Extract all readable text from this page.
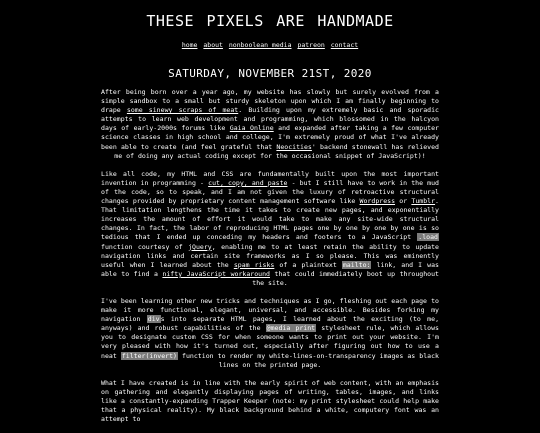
THESE PIXELS ARE HANDMADE
home about nonboolean media patreon contact
SATURDAY, NOVEMBER 21ST, 2020

After being born over a year ago, my website has slowly but surely evolved from a simple sandbox to a small but sturdy skeleton upon which I am finally beginning to drape some sinewy scraps of meat. Building upon my extremely basic and sporadic attempts to learn web development and programming, which blossomed in the halcyon days of early-2000s forums like Gaia Online and expanded after taking a few computer science classes in high school and college, I'm extremely proud of what I've already been able to create (and feel grateful that Neocities' backend stonewall has relieved me of doing any actual coding except for the occasional snippet of JavaScript)!

Like all code, my HTML and CSS are fundamentally built upon the most important invention in programming - cut, copy, and paste - but I still have to work in the mud of the code, so to speak, and I am not given the luxury of retroactive structural changes provided by proprietary content management software like Wordpress or Tumblr. That limitation lengthens the time it takes to create new pages, and exponentially increases the amount of effort it would take to make any site-wide structural changes. In fact, the labor of reproducing HTML pages one by one by one by one is so tedious that I ended up conceding my headers and footers to a JavaScript .load function courtesy of jQuery, enabling me to at least retain the ability to update navigation links and certain site frameworks as I so please. This was eminently useful when I learned about the spam risks of a plaintext mailto: link, and I was able to find a nifty JavaScript workaround that could immediately boot up throughout the site.

I've been learning other new tricks and techniques as I go, fleshing out each page to make it more functional, elegant, universal, and accessible. Besides forking my navigation divs into separate HTML pages, I learned about the exciting (to me, anyways) and robust capabilities of the @media print stylesheet rule, which allows you to designate custom CSS for when someone wants to print out your website. I'm very pleased with how it's turned out, especially after figuring out how to use a neat filter(invert) function to render my white-lines-on-transparency images as black lines on the printed page.

What I have created is in line with the early spirit of web content, with an emphasis on gathering and elegantly displaying pages of writing, tables, images, and links like a constantly-expanding Trapper Keeper (note: my print stylesheet could help make that a physical reality). My black background behind a white, computery font was an attempt to
